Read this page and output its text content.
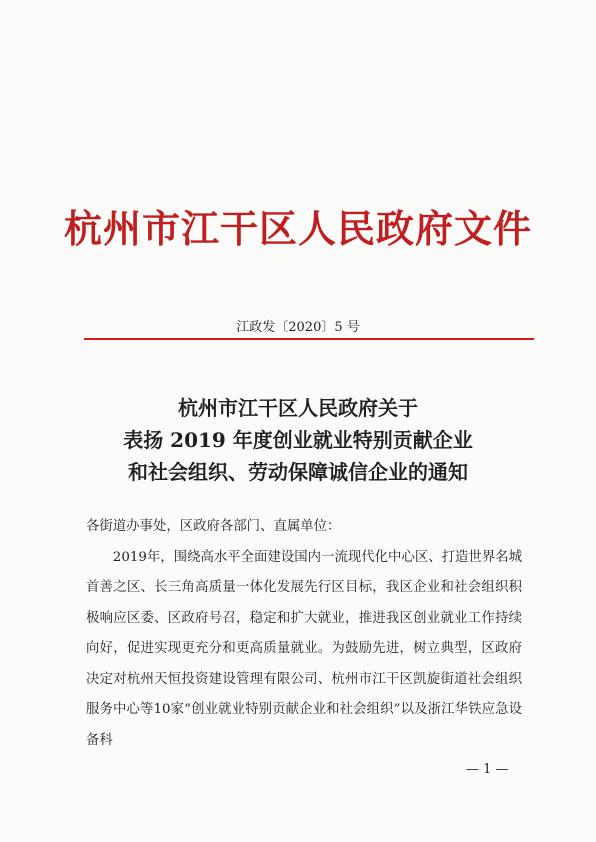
杭州市江干区人民政府文件
江政发〔2020〕5 号
杭州市江干区人民政府关于
表扬 2019 年度创业就业特别贡献企业
和社会组织、劳动保障诚信企业的通知
各街道办事处，区政府各部门、直属单位：

2019年，围绕高水平全面建设国内一流现代化中心区、打造世界名城首善之区、长三角高质量一体化发展先行区目标，我区企业和社会组织积极响应区委、区政府号召，稳定和扩大就业，推进我区创业就业工作持续向好，促进实现更充分和更高质量就业。为鼓励先进，树立典型，区政府决定对杭州天恒投资建设管理有限公司、杭州市江干区凯旋街道社会组织服务中心等10家“创业就业特别贡献企业和社会组织”以及浙江华铁应急设备科

— 1 —
